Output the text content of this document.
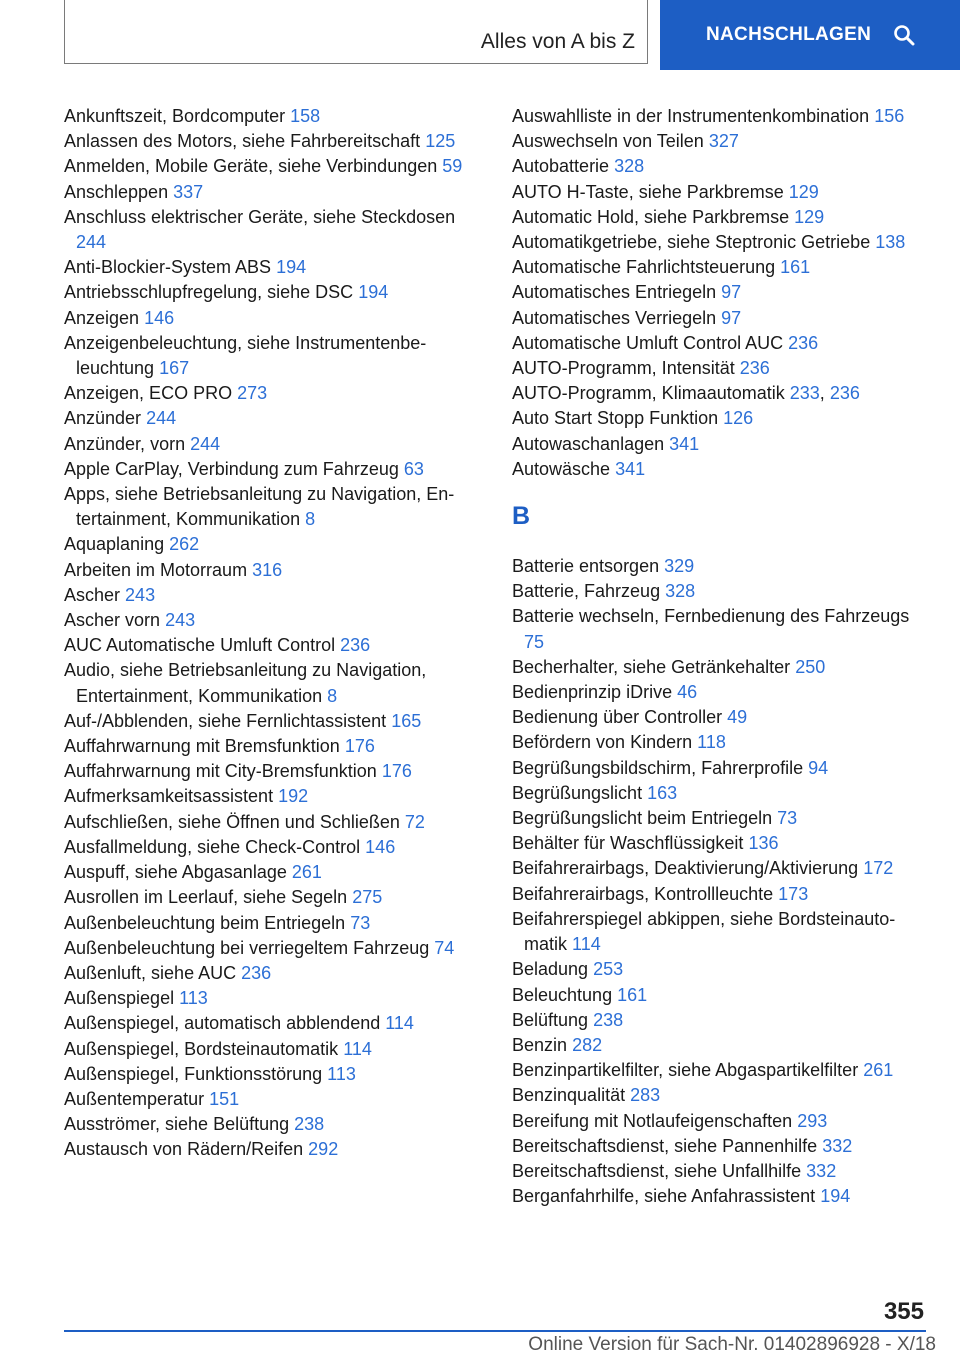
Alles von A bis Z	NACHSCHLAGEN
Ankunftszeit, Bordcomputer 158
Anlassen des Motors, siehe Fahrbereitschaft 125
Anmelden, Mobile Geräte, siehe Verbindungen 59
Anschleppen 337
Anschluss elektrischer Geräte, siehe Steckdosen 244
Anti-Blockier-System ABS 194
Antriebsschlupfregelung, siehe DSC 194
Anzeigen 146
Anzeigenbeleuchtung, siehe Instrumentenbeleuchtung 167
Anzeigen, ECO PRO 273
Anzünder 244
Anzünder, vorn 244
Apple CarPlay, Verbindung zum Fahrzeug 63
Apps, siehe Betriebsanleitung zu Navigation, Entertainment, Kommunikation 8
Aquaplaning 262
Arbeiten im Motorraum 316
Ascher 243
Ascher vorn 243
AUC Automatische Umluft Control 236
Audio, siehe Betriebsanleitung zu Navigation, Entertainment, Kommunikation 8
Auf-/Abblenden, siehe Fernlichtassistent 165
Auffahrwarnung mit Bremsfunktion 176
Auffahrwarnung mit City-Bremsfunktion 176
Aufmerksamkeitsassistent 192
Aufschließen, siehe Öffnen und Schließen 72
Ausfallmeldung, siehe Check-Control 146
Auspuff, siehe Abgasanlage 261
Ausrollen im Leerlauf, siehe Segeln 275
Außenbeleuchtung beim Entriegeln 73
Außenbeleuchtung bei verriegeltem Fahrzeug 74
Außenluft, siehe AUC 236
Außenspiegel 113
Außenspiegel, automatisch abblendend 114
Außenspiegel, Bordsteinautomatik 114
Außenspiegel, Funktionsstörung 113
Außentemperatur 151
Ausströmer, siehe Belüftung 238
Austausch von Rädern/Reifen 292
Auswahlliste in der Instrumentenkombination 156
Auswechseln von Teilen 327
Autobatterie 328
AUTO H-Taste, siehe Parkbremse 129
Automatic Hold, siehe Parkbremse 129
Automatikgetriebe, siehe Steptronic Getriebe 138
Automatische Fahrlichtsteuerung 161
Automatisches Entriegeln 97
Automatisches Verriegeln 97
Automatische Umluft Control AUC 236
AUTO-Programm, Intensität 236
AUTO-Programm, Klimaautomatik 233, 236
Auto Start Stopp Funktion 126
Autowaschanlagen 341
Autowäsche 341
B
Batterie entsorgen 329
Batterie, Fahrzeug 328
Batterie wechseln, Fernbedienung des Fahrzeugs 75
Becherhalter, siehe Getränkehalter 250
Bedienprinzip iDrive 46
Bedienung über Controller 49
Befördern von Kindern 118
Begrüßungsbildschirm, Fahrerprofile 94
Begrüßungslicht 163
Begrüßungslicht beim Entriegeln 73
Behälter für Waschflüssigkeit 136
Beifahrerairbags, Deaktivierung/Aktivierung 172
Beifahrerairbags, Kontrollleuchte 173
Beifahrerspiegel abkippen, siehe Bordsteinautomatik 114
Beladung 253
Beleuchtung 161
Belüftung 238
Benzin 282
Benzinpartikelfilter, siehe Abgaspartikelfilter 261
Benzinqualität 283
Bereifung mit Notlaufeigenschaften 293
Bereitschaftsdienst, siehe Pannenhilfe 332
Bereitschaftsdienst, siehe Unfallhilfe 332
Berganfahrhilfe, siehe Anfahrassistent 194
355
Online Version für Sach-Nr. 01402896928 - X/18
